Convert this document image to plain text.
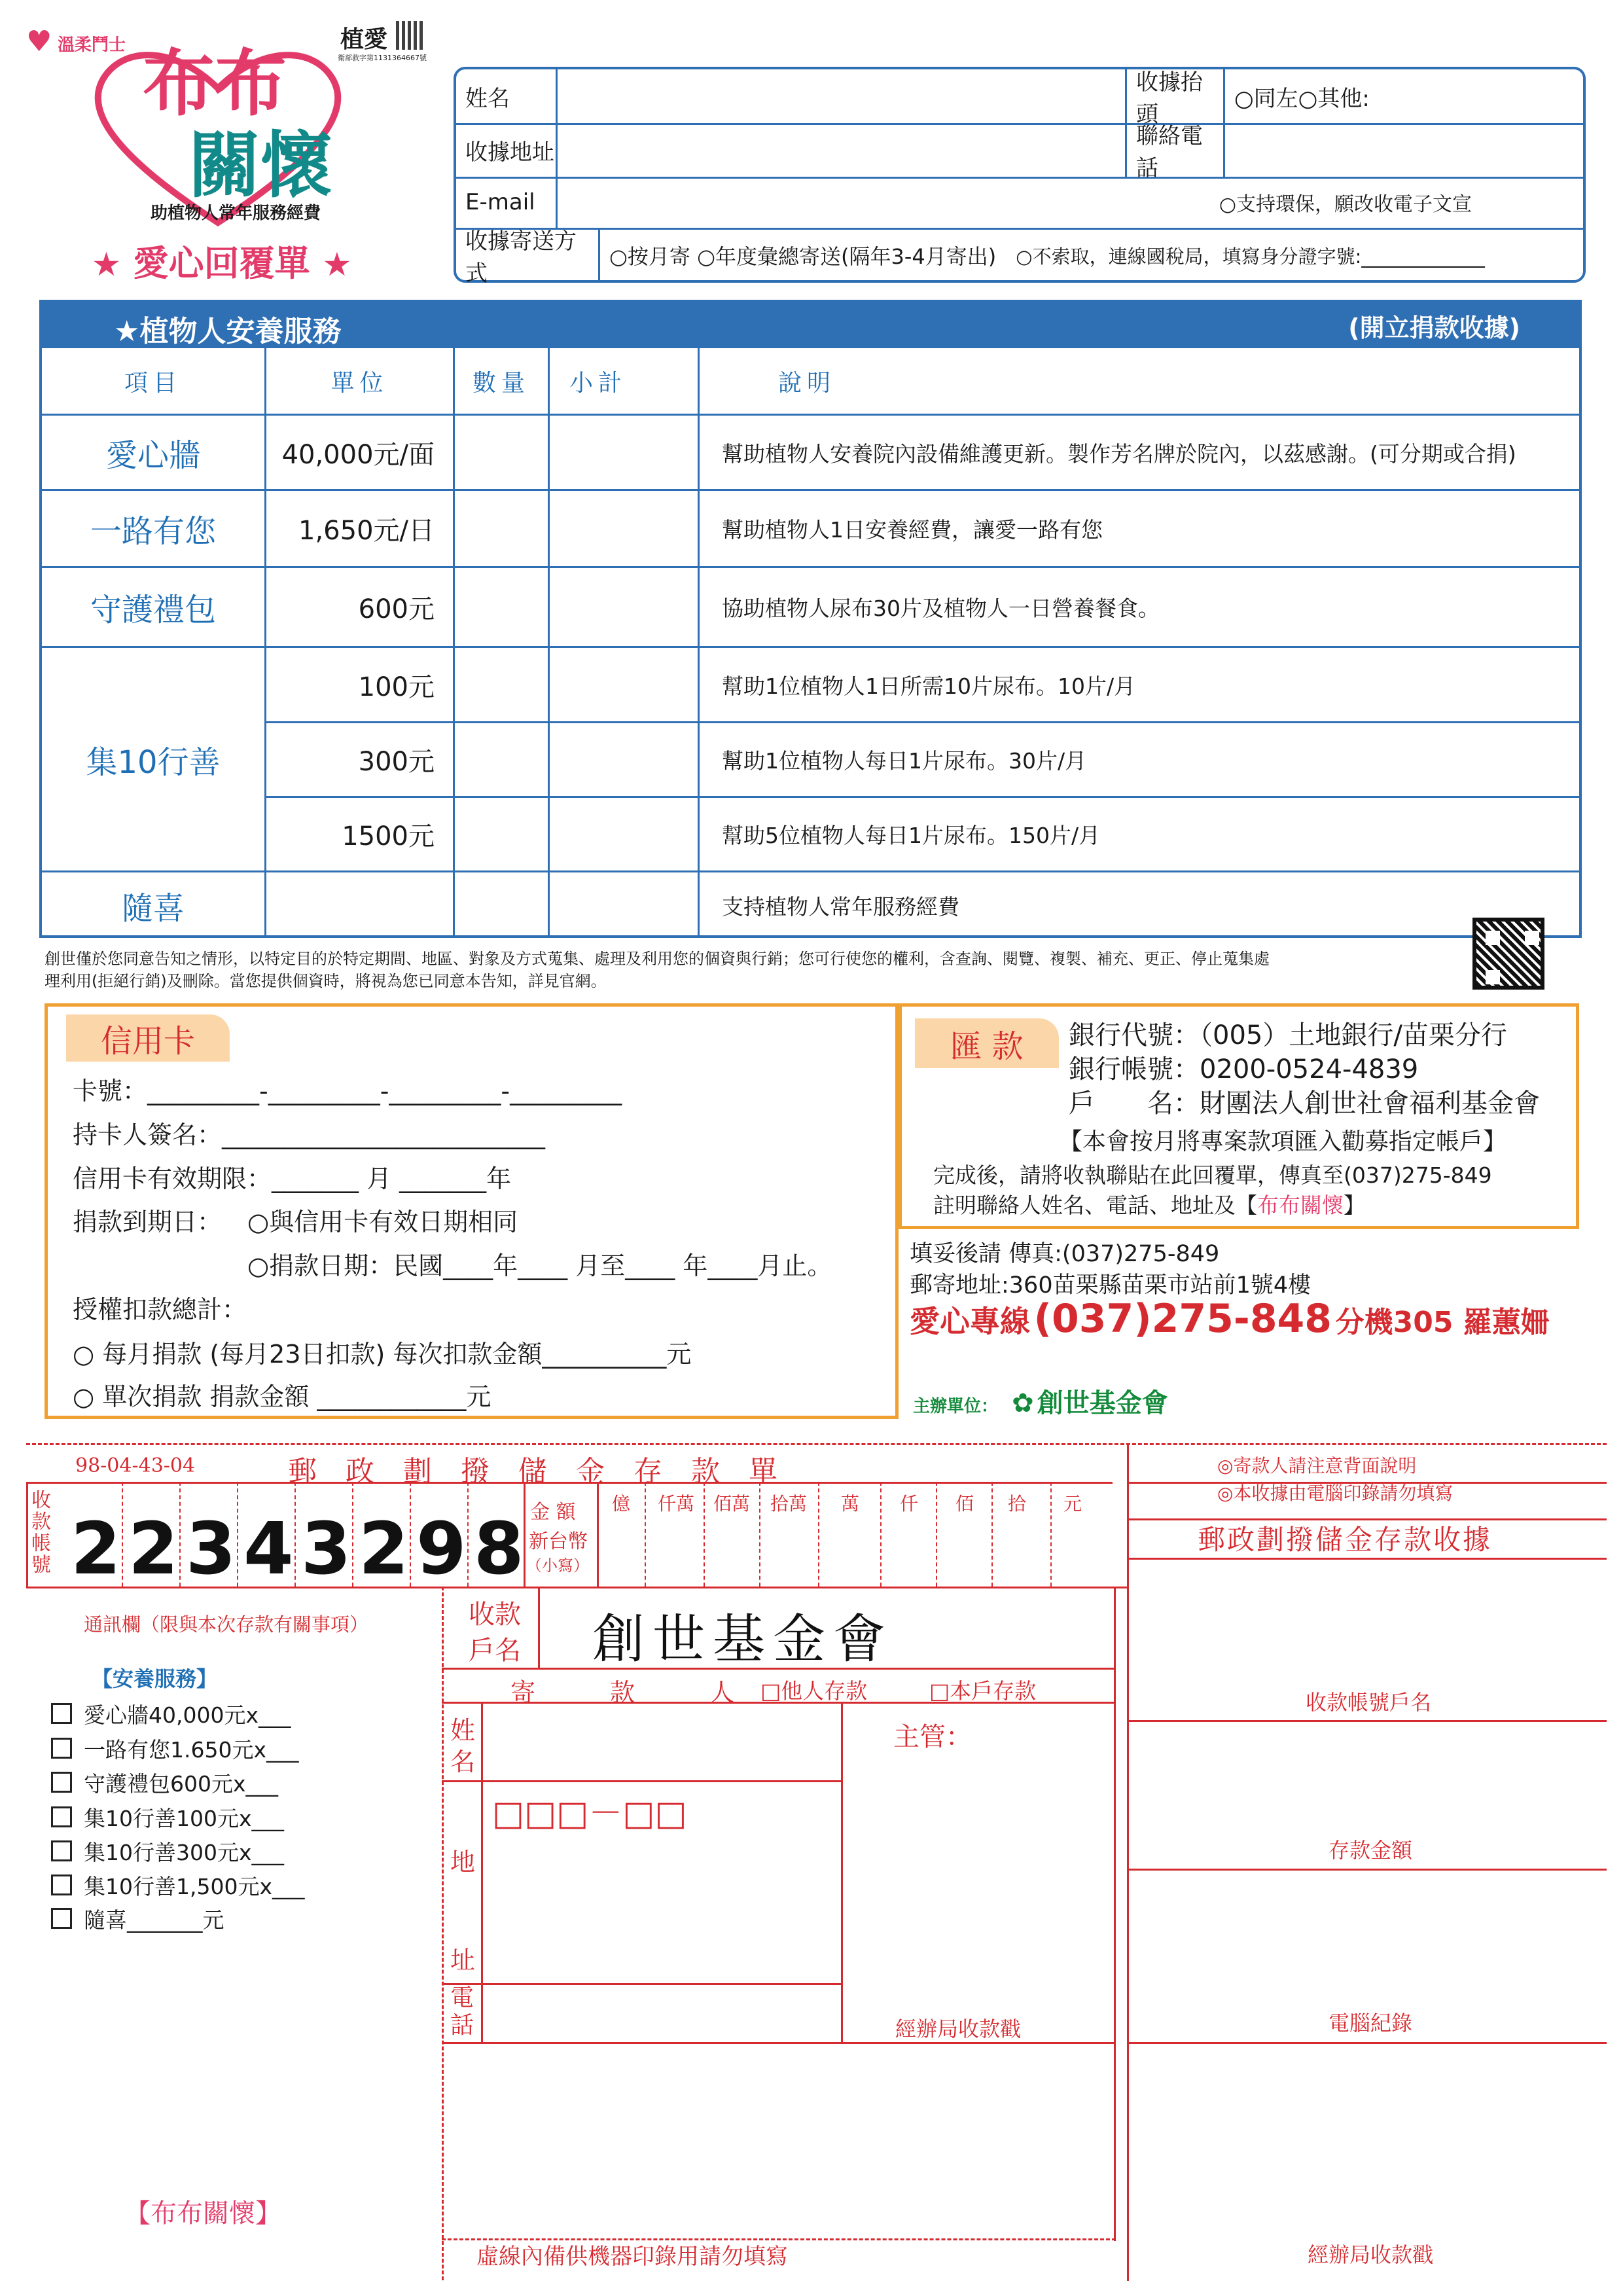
♥ 溫柔鬥士	植愛
衛部救字第1131364667號
布布
關懷
助植物人常年服務經費
★ 愛心回覆單 ★
姓名
收據抬頭
○同左○其他:
收據地址
聯絡電話
E-mail	○支持環保，願改收電子文宣
收據寄送方式
○按月寄 ○年度彙總寄送(隔年3-4月寄出) ○不索取，連線國稅局，填寫身分證字號:_____________
★植物人安養服務	(開立捐款收據)
項目	單位	數量	小計	說明
愛心牆	40,000元/面	幫助植物人安養院內設備維護更新。製作芳名牌於院內，以茲感謝。(可分期或合捐)
一路有您	1,650元/日	幫助植物人1日安養經費，讓愛一路有您
守護禮包	600元	協助植物人尿布30片及植物人一日營養餐食。
集10行善
100元	幫助1位植物人1日所需10片尿布。10片/月
300元	幫助1位植物人每日1片尿布。30片/月
1500元	幫助5位植物人每日1片尿布。150片/月
隨喜	支持植物人常年服務經費
創世僅於您同意告知之情形，以特定目的於特定期間、地區、對象及方式蒐集、處理及利用您的個資與行銷；您可行使您的權利，含查詢、閱覽、複製、補充、更正、停止蒐集處
理利用(拒絕行銷)及刪除。當您提供個資時，將視為您已同意本告知，詳見官網。
信用卡
卡號：_________-_________-_________-_________
持卡人簽名：__________________________
信用卡有效期限：_______ 月 _______年
捐款到期日： ○與信用卡有效日期相同
○捐款日期：民國____年____ 月至____ 年____月止。
授權扣款總計：
○ 每月捐款 (每月23日扣款) 每次扣款金額__________元
○ 單次捐款 捐款金額 ____________元
匯 款	銀行代號：（005）土地銀行/苗栗分行
銀行帳號：0200-0524-4839
戶　　名：財團法人創世社會福利基金會
【本會按月將專案款項匯入勸募指定帳戶】
完成後，請將收執聯貼在此回覆單，傳真至(037)275-849
註明聯絡人姓名、電話、地址及【布布關懷】
填妥後請 傳真:(037)275-849
郵寄地址:360苗栗縣苗栗市站前1號4樓
愛心專線 (037)275-848 分機305 羅蕙姍
主辦單位： ✿ 創世基金會
98-04-43-04	郵　政　劃　撥　儲　金　存　款　單
收款帳號 2 2 3 4 3 2 9 8 金 額
新台幣
（小寫）
億 仟萬 佰萬 拾萬 萬 仟 佰 拾 元
◎寄款人請注意背面說明
◎本收據由電腦印錄請勿填寫
郵政劃撥儲金存款收據
收款帳號戶名
存款金額
電腦紀錄
經辦局收款戳
通訊欄（限與本次存款有關事項）
【安養服務】
愛心牆40,000元x___
一路有您1.650元x___
守護禮包600元x___
集10行善100元x___
集10行善300元x___
集10行善1,500元x___
隨喜_______元
【布布關懷】
收款
戶名 創世基金會
寄　　　款　　　人 □他人存款	□本戶存款
姓名
地址
□□□－□□
電話
主管：
經辦局收款戳
虛線內備供機器印錄用請勿填寫
